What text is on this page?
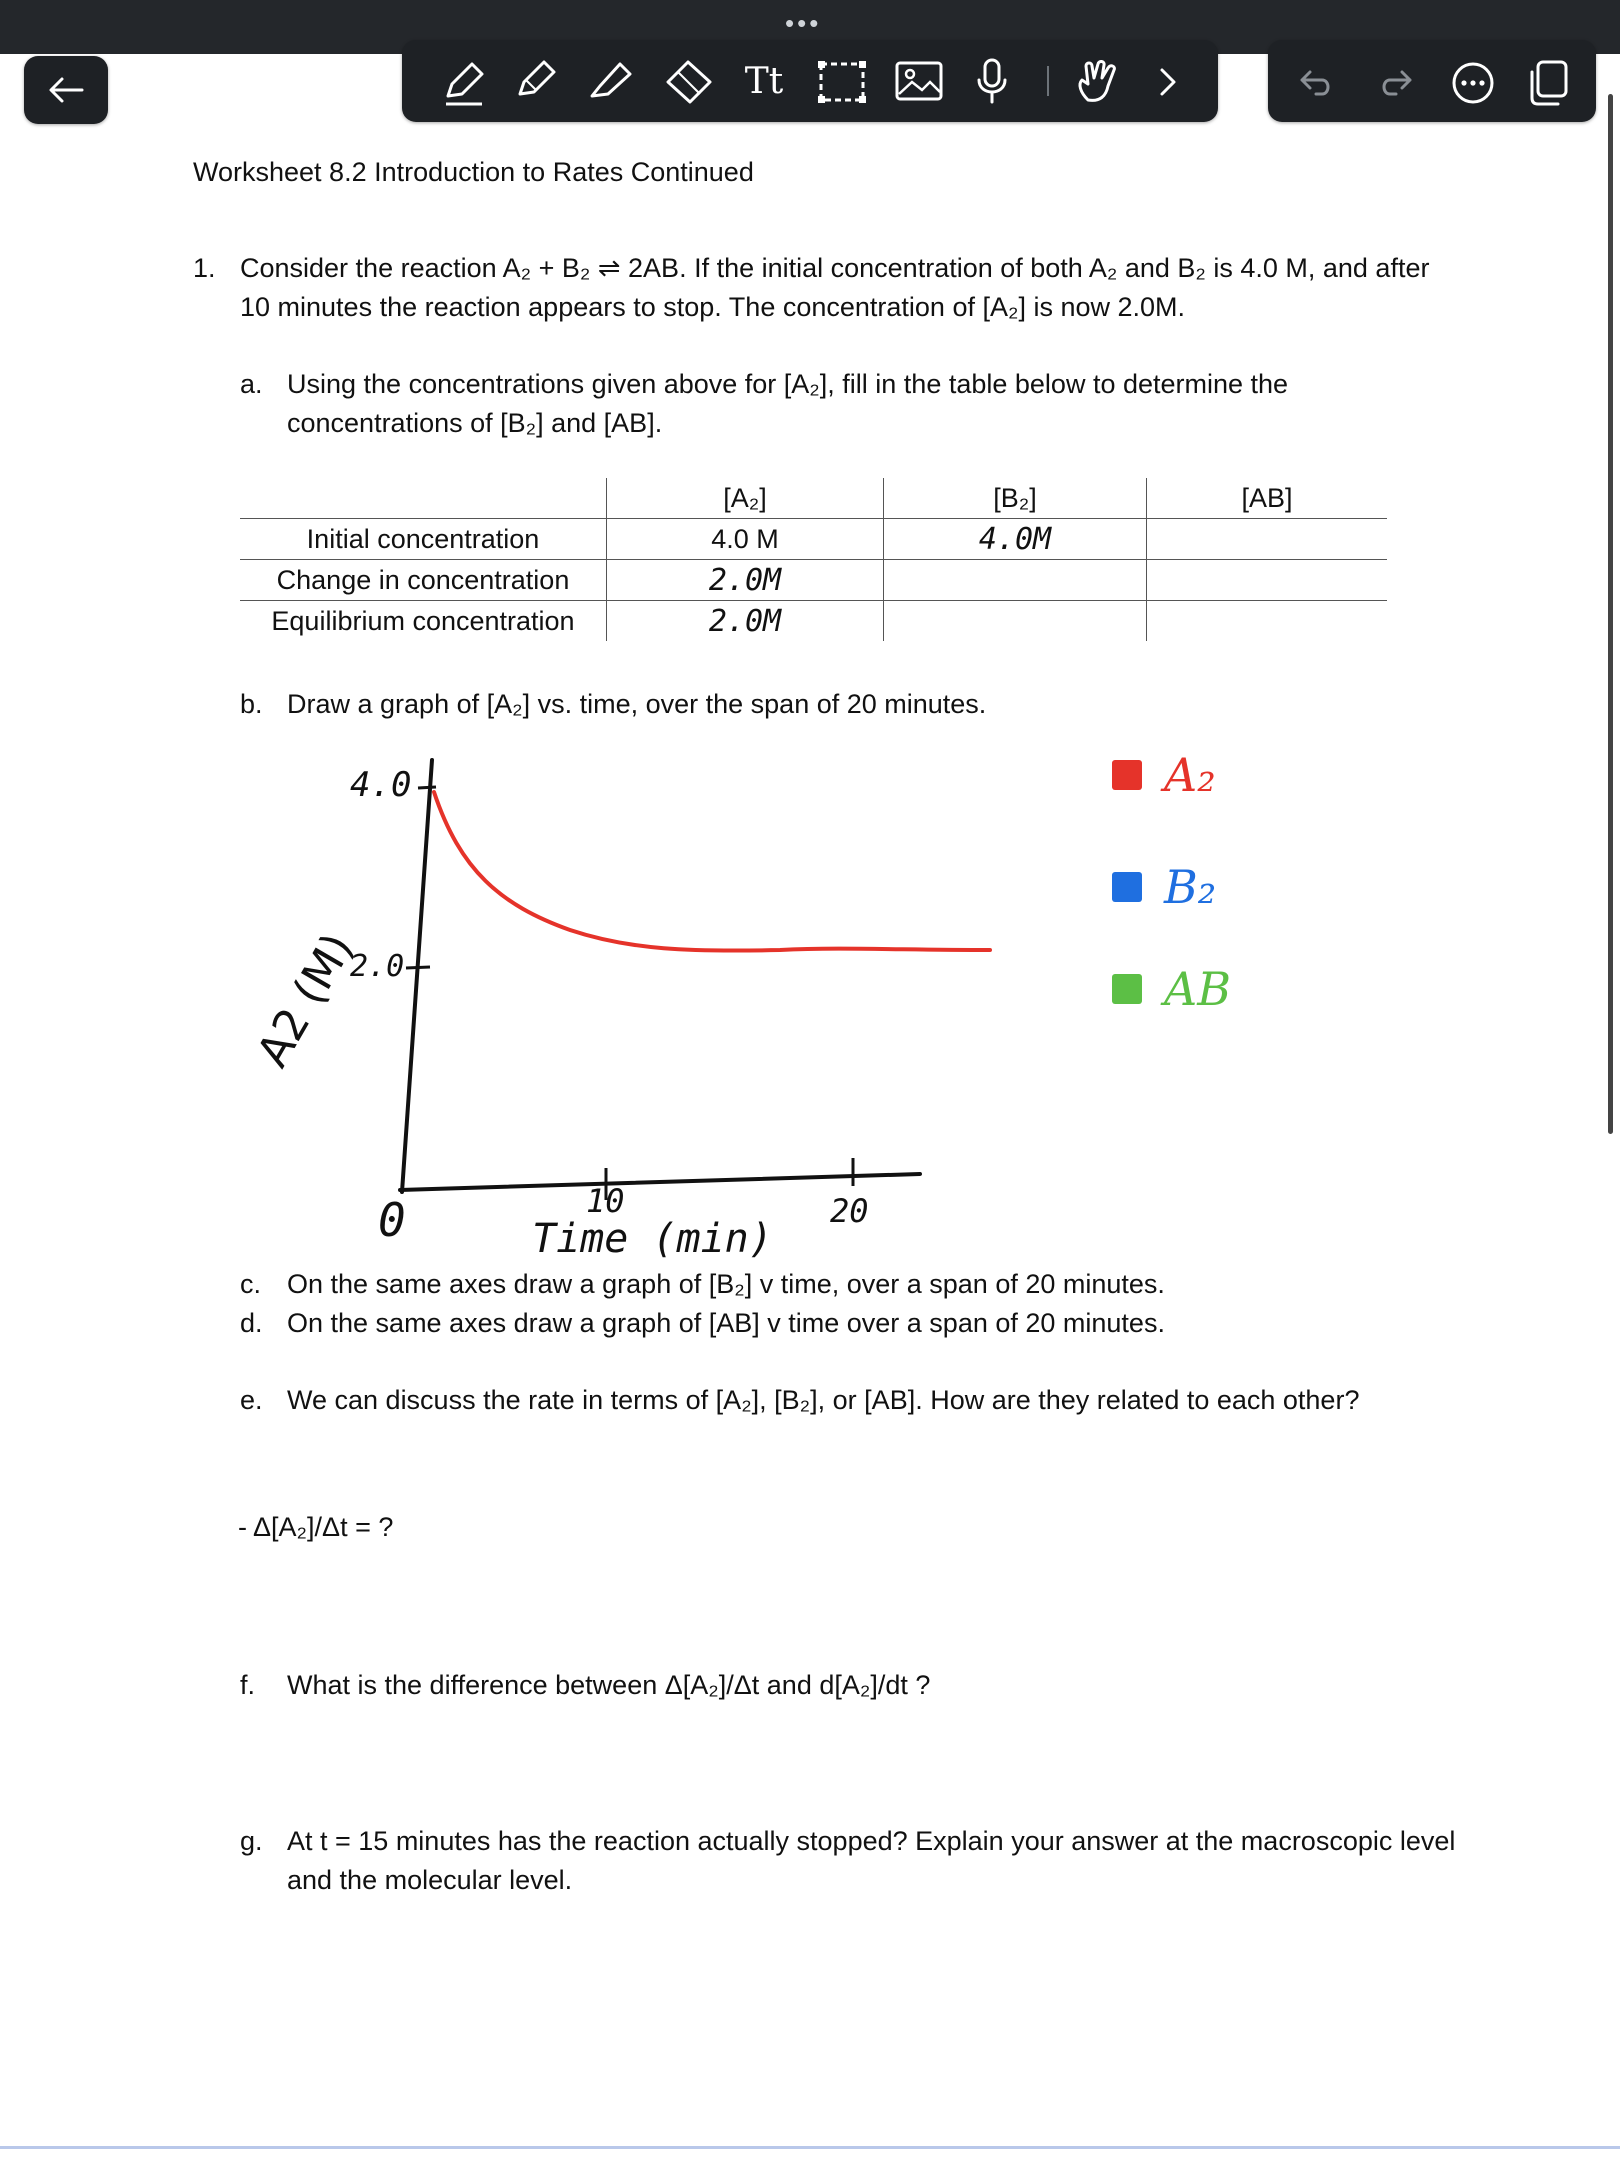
•••
Tt
Worksheet 8.2 Introduction to Rates Continued
1. Consider the reaction A₂ + B₂ ⇌ 2AB. If the initial concentration of both A₂ and B₂ is 4.0 M, and after 10 minutes the reaction appears to stop. The concentration of [A₂] is now 2.0M.
a. Using the concentrations given above for [A₂], fill in the table below to determine the concentrations of [B₂] and [AB].
	[A₂]	[B₂]	[AB]
Initial concentration	4.0 M	4.0M	
Change in concentration	2.0M		
Equilibrium concentration	2.0M		
b. Draw a graph of [A₂] vs. time, over the span of 20 minutes.
4.0
2.0
A2 (M)
0	10	20
Time (min)
A₂
B₂
AB
c. On the same axes draw a graph of [B₂] v time, over a span of 20 minutes.
d. On the same axes draw a graph of [AB] v time over a span of 20 minutes.
e. We can discuss the rate in terms of [A₂], [B₂], or [AB]. How are they related to each other?
- Δ[A₂]/Δt = ?
f. What is the difference between Δ[A₂]/Δt and d[A₂]/dt ?
g. At t = 15 minutes has the reaction actually stopped? Explain your answer at the macroscopic level and the molecular level.
